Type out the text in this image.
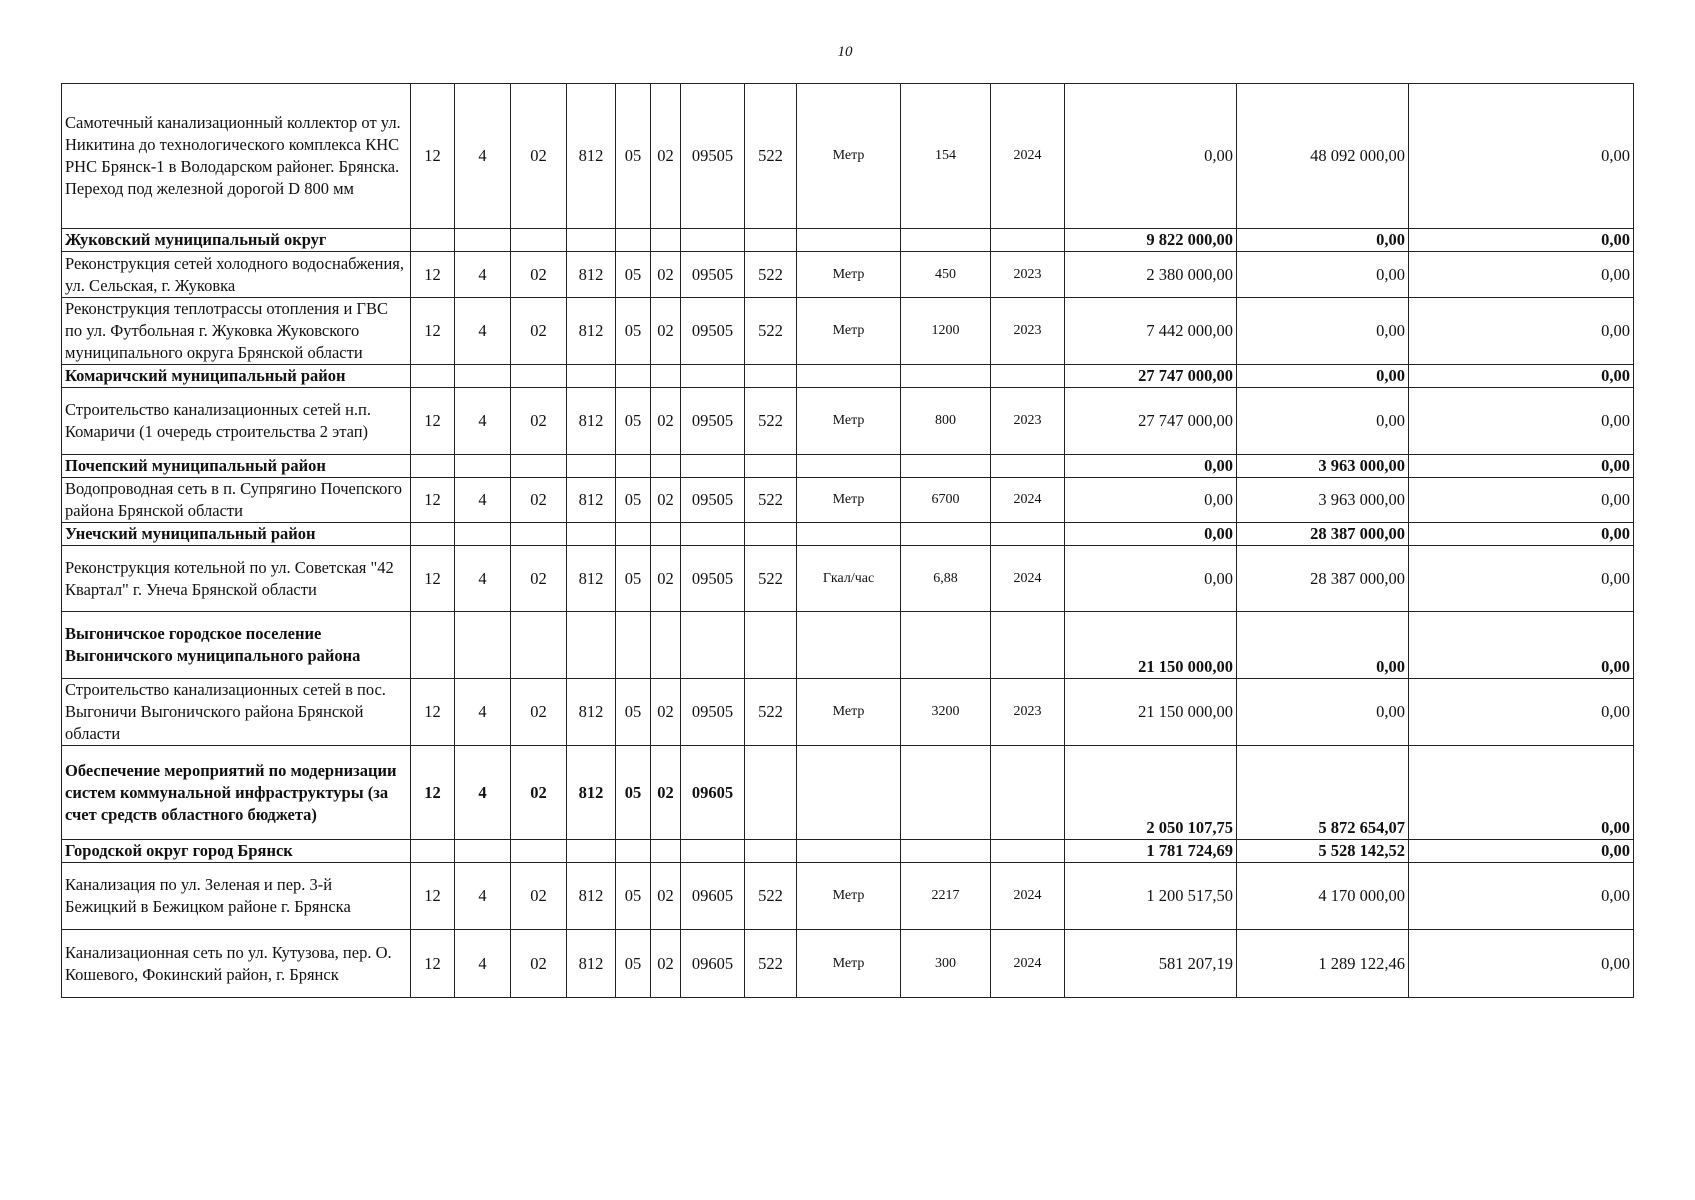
10
Самотечный канализационный коллектор от ул. Никитина до технологического комплекса КНС РНС Брянск-1 в Володарском районег. Брянска. Переход под железной дорогой D 800 мм	12	4	02	812	05	02	09505	522	Метр	154	2024	0,00	48 092 000,00	0,00
Жуковский муниципальный округ												9 822 000,00	0,00	0,00
Реконструкция сетей холодного водоснабжения, ул. Сельская, г. Жуковка	12	4	02	812	05	02	09505	522	Метр	450	2023	2 380 000,00	0,00	0,00
Реконструкция теплотрассы отопления и ГВС по ул. Футбольная г. Жуковка Жуковского муниципального округа Брянской области	12	4	02	812	05	02	09505	522	Метр	1200	2023	7 442 000,00	0,00	0,00
Комаричский муниципальный район												27 747 000,00	0,00	0,00
Строительство канализационных сетей н.п. Комаричи (1 очередь строительства 2 этап)	12	4	02	812	05	02	09505	522	Метр	800	2023	27 747 000,00	0,00	0,00
Почепский муниципальный район												0,00	3 963 000,00	0,00
Водопроводная сеть в п. Супрягино Почепского района Брянской области	12	4	02	812	05	02	09505	522	Метр	6700	2024	0,00	3 963 000,00	0,00
Унечский муниципальный район												0,00	28 387 000,00	0,00
Реконструкция котельной по ул. Советская "42 Квартал" г. Унеча Брянской области	12	4	02	812	05	02	09505	522	Гкал/час	6,88	2024	0,00	28 387 000,00	0,00
Выгоничское городское поселение Выгоничского муниципального района												21 150 000,00	0,00	0,00
Строительство канализационных сетей в пос. Выгоничи Выгоничского района Брянской области	12	4	02	812	05	02	09505	522	Метр	3200	2023	21 150 000,00	0,00	0,00
Обеспечение мероприятий по модернизации систем коммунальной инфраструктуры (за счет средств областного бюджета)	12	4	02	812	05	02	09605					2 050 107,75	5 872 654,07	0,00
Городской округ город Брянск												1 781 724,69	5 528 142,52	0,00
Канализация по ул. Зеленая и пер. 3-й Бежицкий в Бежицком районе г. Брянска	12	4	02	812	05	02	09605	522	Метр	2217	2024	1 200 517,50	4 170 000,00	0,00
Канализационная сеть по ул. Кутузова, пер. О. Кошевого, Фокинский район, г. Брянск	12	4	02	812	05	02	09605	522	Метр	300	2024	581 207,19	1 289 122,46	0,00
